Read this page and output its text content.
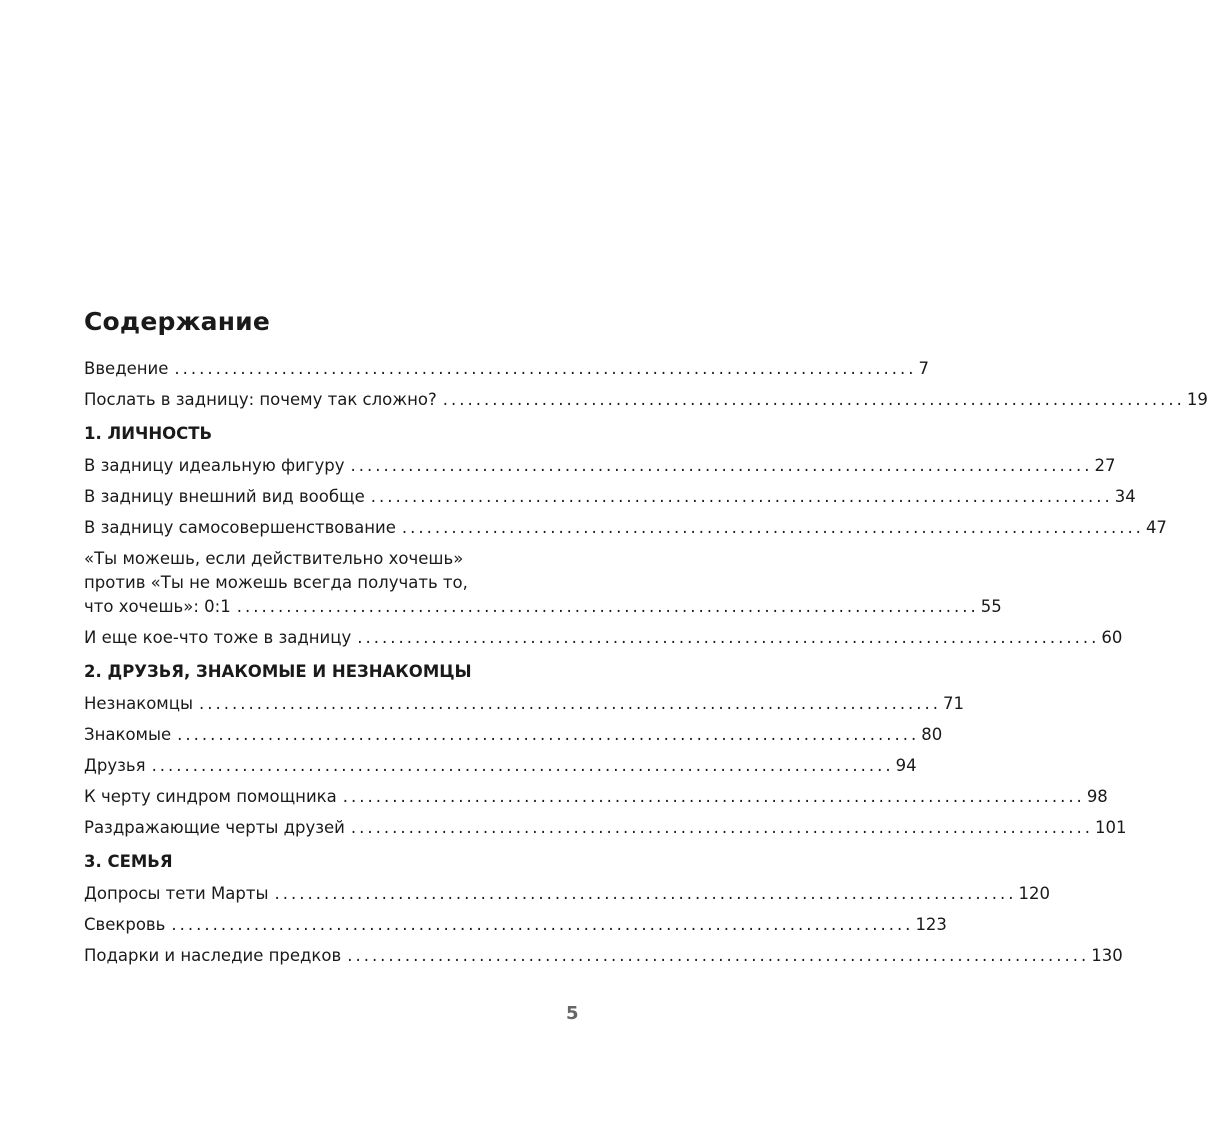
Содержание
Введение .......................................................................................... 7
Послать в задницу: почему так сложно? .......................................................................................... 19
1. ЛИЧНОСТЬ
В задницу идеальную фигуру .......................................................................................... 27
В задницу внешний вид вообще .......................................................................................... 34
В задницу самосовершенствование .......................................................................................... 47
«Ты можешь, если действительно хочешь»
против «Ты не можешь всегда получать то,
что хочешь»: 0:1 .......................................................................................... 55
И еще кое-что тоже в задницу .......................................................................................... 60
2. ДРУЗЬЯ, ЗНАКОМЫЕ И НЕЗНАКОМЦЫ
Незнакомцы .......................................................................................... 71
Знакомые .......................................................................................... 80
Друзья .......................................................................................... 94
К черту синдром помощника .......................................................................................... 98
Раздражающие черты друзей .......................................................................................... 101
3. СЕМЬЯ
Допросы тети Марты .......................................................................................... 120
Свекровь .......................................................................................... 123
Подарки и наследие предков .......................................................................................... 130
5
